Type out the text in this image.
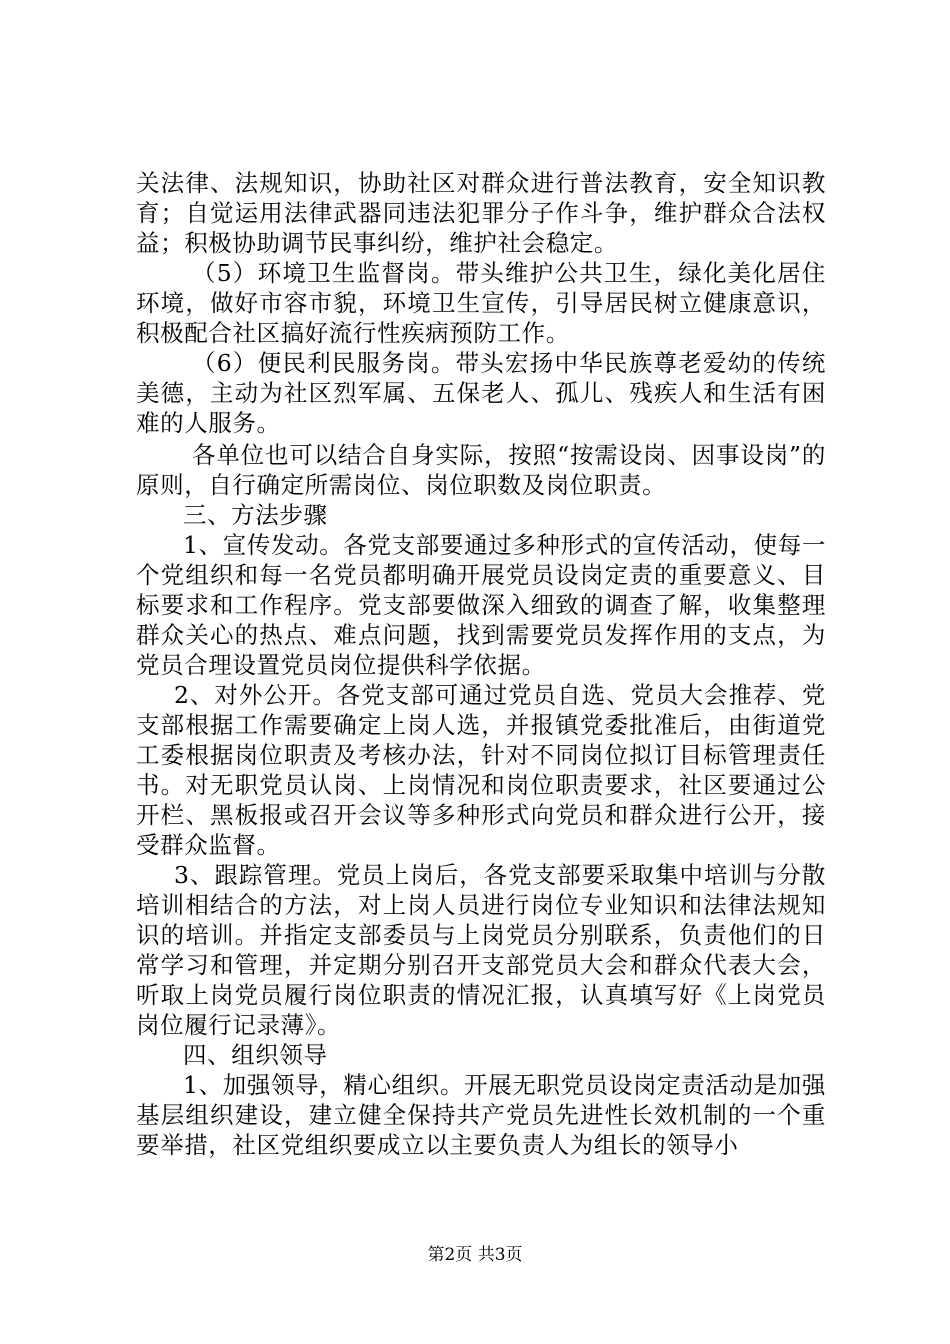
关法律、法规知识，协助社区对群众进行普法教育，安全知识教育；自觉运用法律武器同违法犯罪分子作斗争，维护群众合法权益；积极协助调节民事纠纷，维护社会稳定。

（5）环境卫生监督岗。带头维护公共卫生，绿化美化居住环境，做好市容市貌，环境卫生宣传，引导居民树立健康意识，积极配合社区搞好流行性疾病预防工作。

（6）便民利民服务岗。带头宏扬中华民族尊老爱幼的传统美德，主动为社区烈军属、五保老人、孤儿、残疾人和生活有困难的人服务。

各单位也可以结合自身实际，按照“按需设岗、因事设岗”的原则，自行确定所需岗位、岗位职数及岗位职责。

三、方法步骤

1、宣传发动。各党支部要通过多种形式的宣传活动，使每一个党组织和每一名党员都明确开展党员设岗定责的重要意义、目标要求和工作程序。党支部要做深入细致的调查了解，收集整理群众关心的热点、难点问题，找到需要党员发挥作用的支点，为党员合理设置党员岗位提供科学依据。

2、对外公开。各党支部可通过党员自选、党员大会推荐、党支部根据工作需要确定上岗人选，并报镇党委批准后，由街道党工委根据岗位职责及考核办法，针对不同岗位拟订目标管理责任书。对无职党员认岗、上岗情况和岗位职责要求，社区要通过公开栏、黑板报或召开会议等多种形式向党员和群众进行公开，接受群众监督。

3、跟踪管理。党员上岗后，各党支部要采取集中培训与分散培训相结合的方法，对上岗人员进行岗位专业知识和法律法规知识的培训。并指定支部委员与上岗党员分别联系，负责他们的日常学习和管理，并定期分别召开支部党员大会和群众代表大会，听取上岗党员履行岗位职责的情况汇报，认真填写好《上岗党员岗位履行记录薄》。

四、组织领导

1、加强领导，精心组织。开展无职党员设岗定责活动是加强基层组织建设，建立健全保持共产党员先进性长效机制的一个重要举措，社区党组织要成立以主要负责人为组长的领导小

第2页 共3页
